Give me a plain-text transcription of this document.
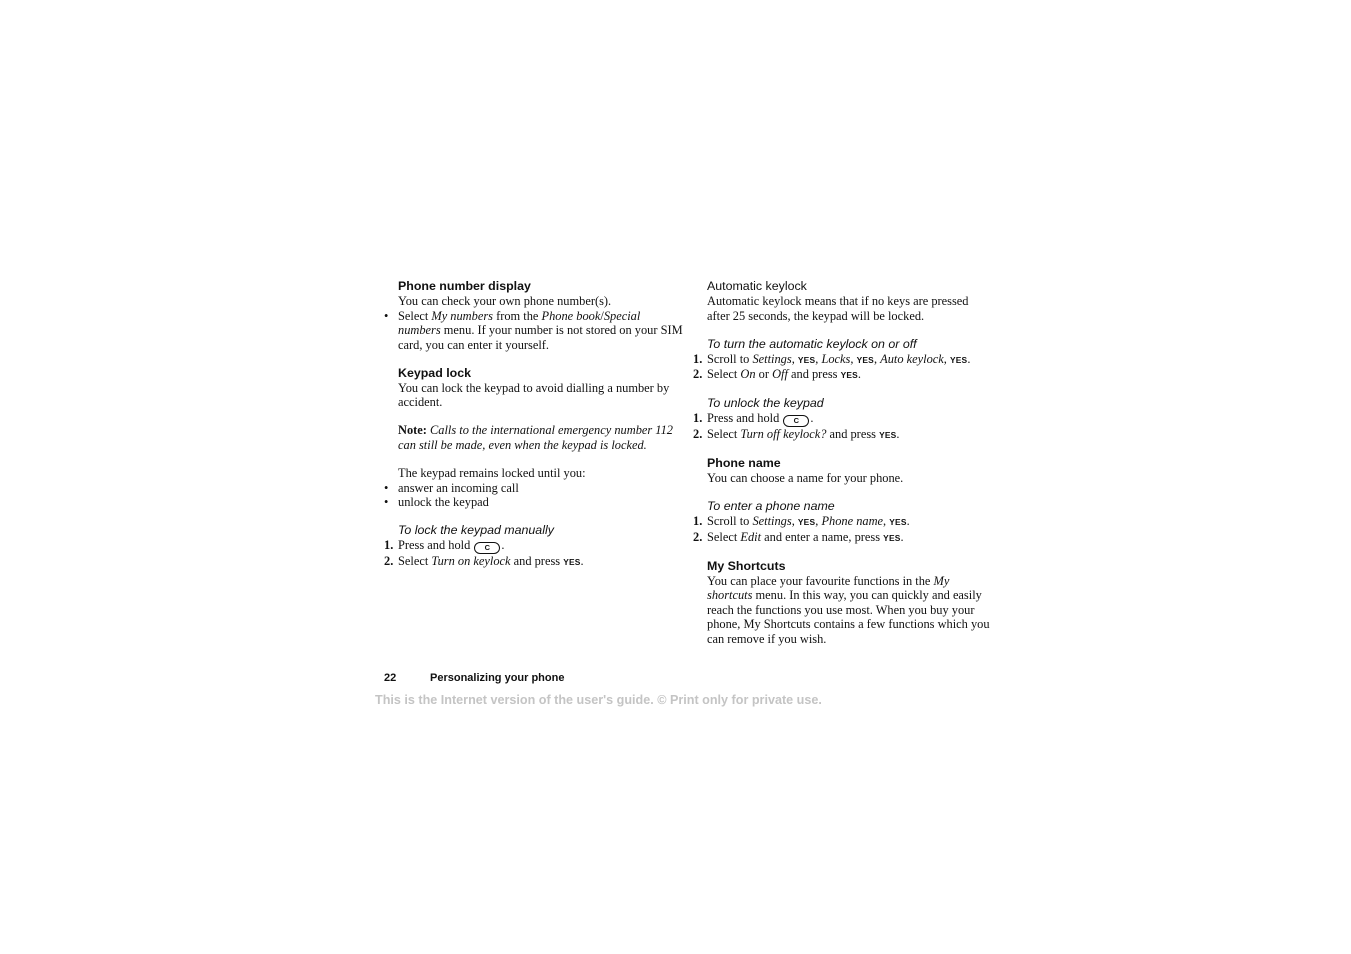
Phone number display

You can check your own phone number(s).

• Select My numbers from the Phone book/Special numbers menu. If your number is not stored on your SIM card, you can enter it yourself.

Keypad lock

You can lock the keypad to avoid dialling a number by accident.

Note: Calls to the international emergency number 112 can still be made, even when the keypad is locked.

The keypad remains locked until you:

• answer an incoming call
• unlock the keypad

To lock the keypad manually

1. Press and hold C .
2. Select Turn on keylock and press YES.

Automatic keylock

Automatic keylock means that if no keys are pressed after 25 seconds, the keypad will be locked.

To turn the automatic keylock on or off

1. Scroll to Settings, YES, Locks, YES, Auto keylock, YES.
2. Select On or Off and press YES.

To unlock the keypad

1. Press and hold C .
2. Select Turn off keylock? and press YES.

Phone name

You can choose a name for your phone.

To enter a phone name

1. Scroll to Settings, YES, Phone name, YES.
2. Select Edit and enter a name, press YES.

My Shortcuts

You can place your favourite functions in the My shortcuts menu. In this way, you can quickly and easily reach the functions you use most. When you buy your phone, My Shortcuts contains a few functions which you can remove if you wish.

22	Personalizing your phone
This is the Internet version of the user's guide. © Print only for private use.
